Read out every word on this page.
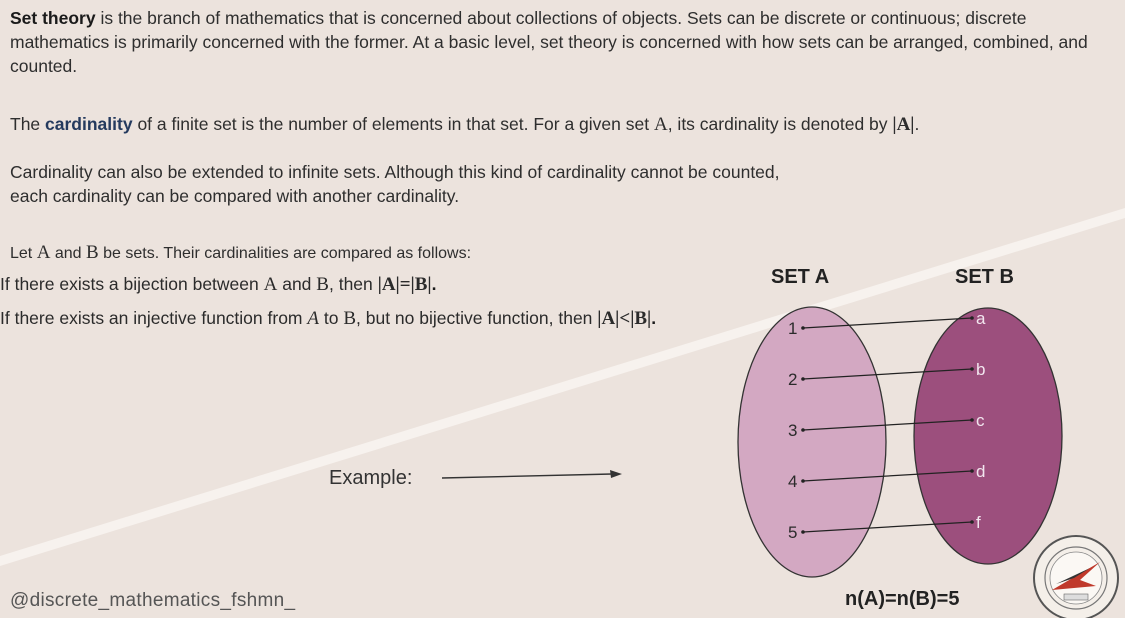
1
a
2
b
3
c
4
d
5
f
Set theory is the branch of mathematics that is concerned about collections of objects. Sets can be discrete or continuous; discrete mathematics is primarily concerned with the former. At a basic level, set theory is concerned with how sets can be arranged, combined, and counted.
The cardinality of a finite set is the number of elements in that set. For a given set A, its cardinality is denoted by |A|.
Cardinality can also be extended to infinite sets. Although this kind of cardinality cannot be counted, each cardinality can be compared with another cardinality.
Let A and B be sets. Their cardinalities are compared as follows:
If there exists a bijection between A and B, then |A|=|B|.
If there exists an injective function from A to B, but no bijective function, then |A|<|B|.
Example:
SET A	SET B
n(A)=n(B)=5
@discrete_mathematics_fshmn_
